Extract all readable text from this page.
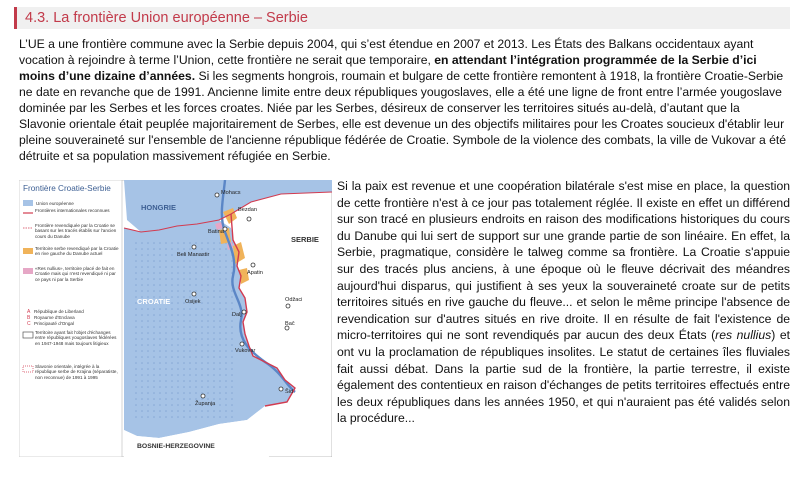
4.3. La frontière Union européenne – Serbie

L’UE a une frontière commune avec la Serbie depuis 2004, qui s’est étendue en 2007 et 2013. Les États des Balkans occidentaux ayant vocation à rejoindre à terme l’Union, cette frontière ne serait que temporaire, en attendant l’intégration programmée de la Serbie d’ici moins d’une dizaine d’années. Si les segments hongrois, roumain et bulgare de cette frontière remontent à 1918, la frontière Croatie-Serbie ne date en revanche que de 1991. Ancienne limite entre deux républiques yougoslaves, elle a été une ligne de front entre l’armée yougoslave dominée par les Serbes et les forces croates. Niée par les Serbes, désireux de conserver les territoires situés au-delà, d’autant que la Slavonie orientale était peuplée majoritairement de Serbes, elle est devenue un des objectifs militaires pour les Croates soucieux d'établir leur pleine souveraineté sur l'ensemble de l'ancienne république fédérée de Croatie. Symbole de la violence des combats, la ville de Vukovar a été détruite et sa population massivement réfugiée en Serbie.

HONGRIE
SERBIE
CROATIE
BOSNIE-HERZEGOVINE
Mohacs
Beli Manastir
Batina
Bezdan
Apatin
Osijek	Odžaci
Dalj
Bač
Vukovar
Županja
Šid
Frontière Croatie-Serbie
Union européenne
Frontières internationales reconnues
Frontière revendiquée par la Croatie se basant sur les tracés établis sur l'ancien cours du Danube
Territoire serbe revendiqué par la Croatie en rive gauche du Danube actuel
«Res nullius», territoire placé de fait en Croatie mais qui n'est revendiqué ni par ce pays ni par la Serbie
A République de Liberland
B Royaume d'Enclava
C Principauté d'Ongal
Territoire ayant fait l'objet d'échanges entre républiques yougoslaves fédérées en 1947-1948 mais toujours litigieux
Slavonie orientale, intégrée à la république serbe de Krajina (séparatiste, non reconnue) de 1991 à 1995

Si la paix est revenue et une coopération bilatérale s'est mise en place, la question de cette frontière n'est à ce jour pas totalement réglée. Il existe en effet un différend sur son tracé en plusieurs endroits en raison des modifications historiques du cours du Danube qui lui sert de support sur une grande partie de son linéaire. En effet, la Serbie, pragmatique, considère le talweg comme sa frontière. La Croatie s'appuie sur des tracés plus anciens, à une époque où le fleuve décrivait des méandres aujourd'hui disparus, qui justifient à ses yeux la souveraineté croate sur de petits territoires situés en rive gauche du fleuve... et selon le même principe l'absence de revendication sur d'autres situés en rive droite. Il en résulte de fait l'existence de micro-territoires qui ne sont revendiqués par aucun des deux États (res nullius) et ont vu la proclamation de républiques insolites. Le statut de certaines îles fluviales fait aussi débat. Dans la partie sud de la frontière, la partie terrestre, il existe également des contentieux en raison d'échanges de petits territoires effectués entre les deux républiques dans les années 1950, et qui n'auraient pas été validés selon la procédure...
